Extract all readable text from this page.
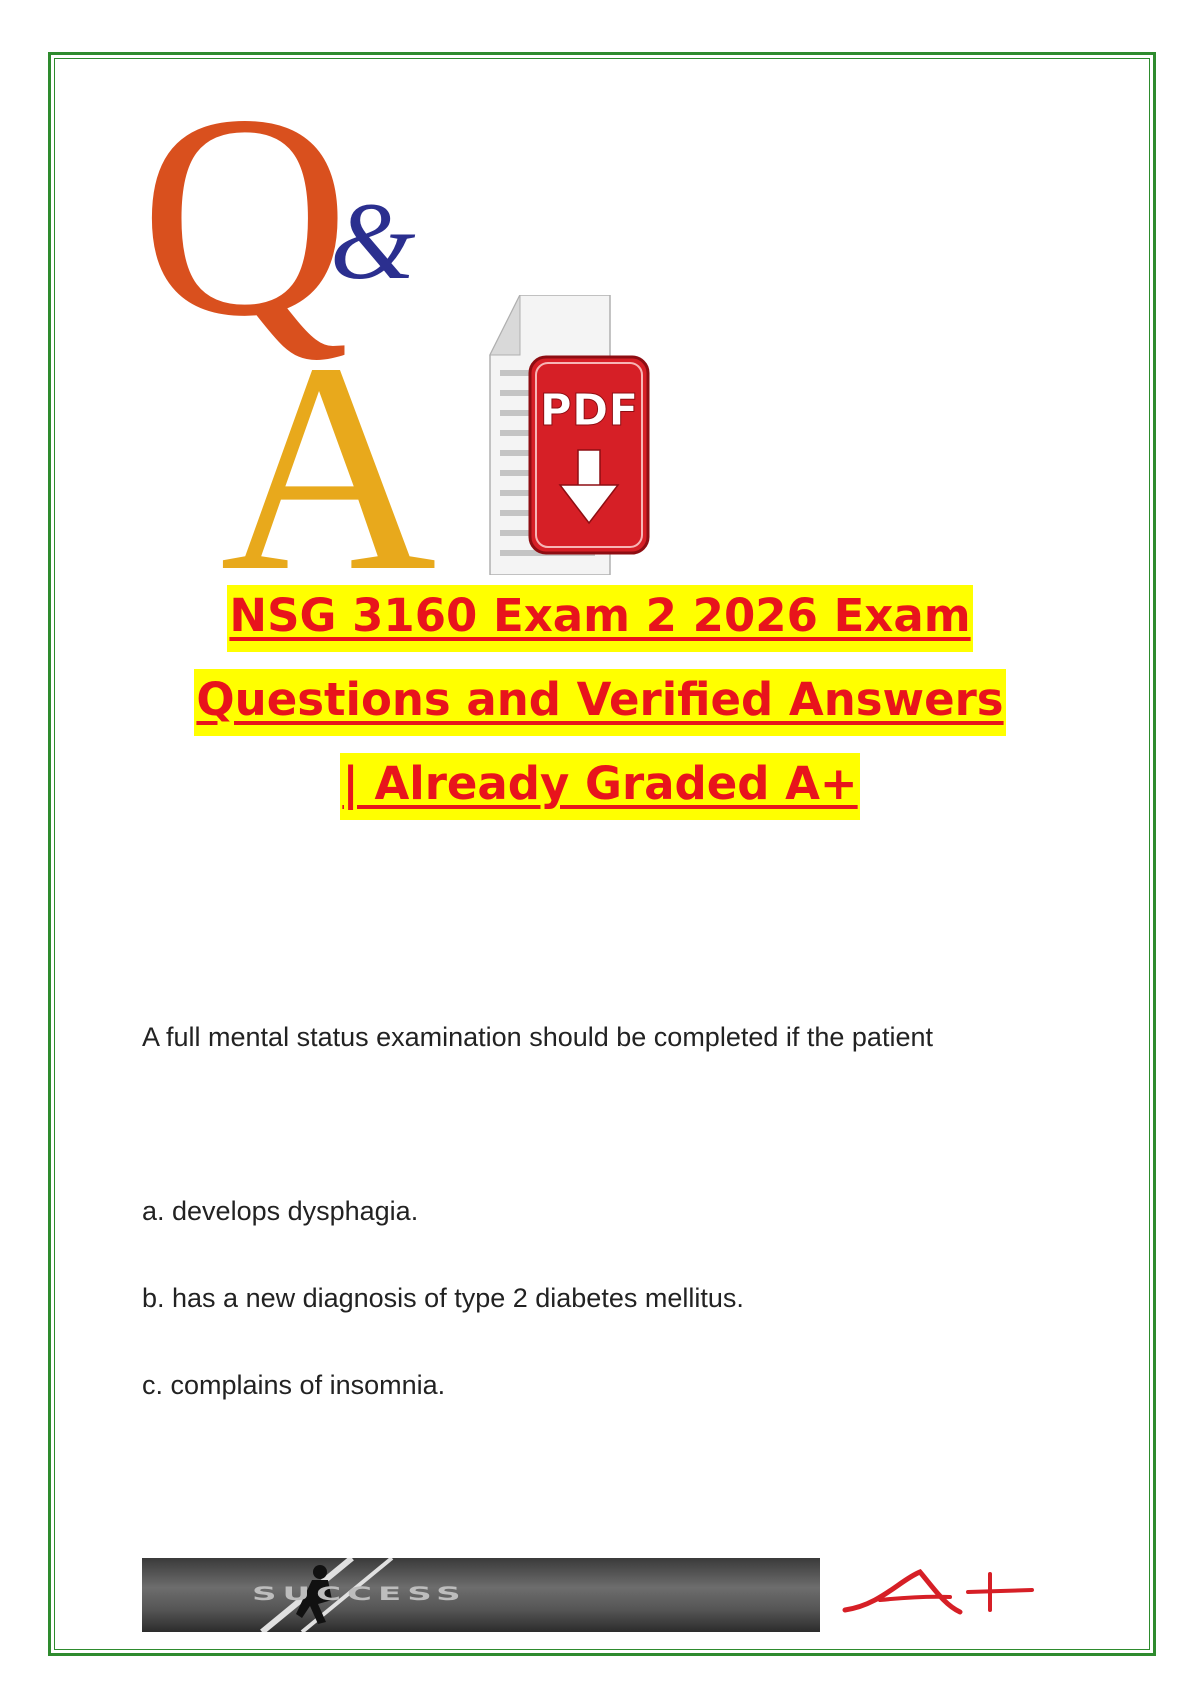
Q
&
A PDF
NSG 3160 Exam 2 2026 Exam
Questions and Verified Answers
| Already Graded A+
A full mental status examination should be completed if the patient
a. develops dysphagia.
b. has a new diagnosis of type 2 diabetes mellitus.
c. complains of insomnia.
SUCCESS
A+
